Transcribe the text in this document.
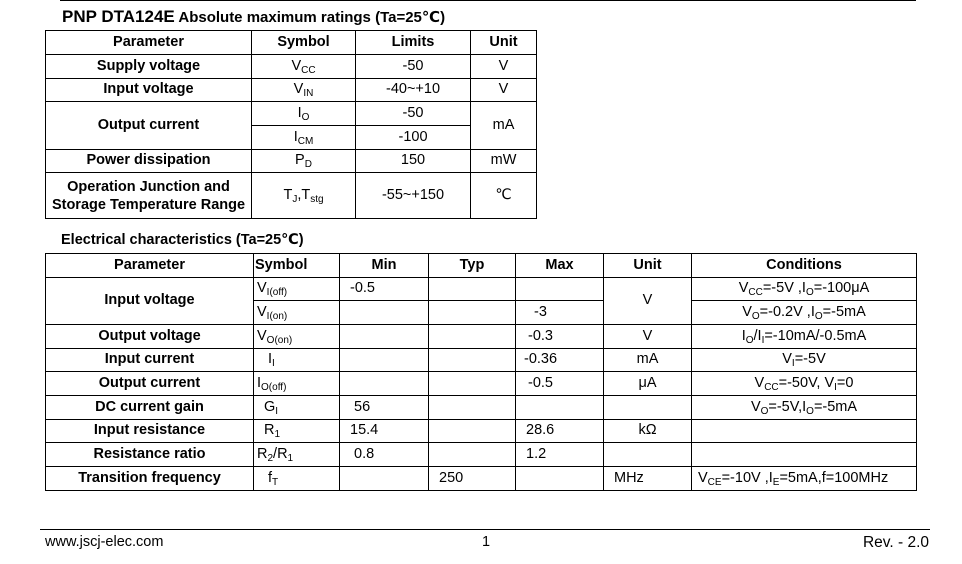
PNP DTA124E Absolute maximum ratings (Ta=25℃)
Parameter	Symbol	Limits	Unit
Supply voltage	$V_{CC}$	-50	V
Input voltage	$V_{IN}$	-40~+10	V
Output current	$I_O$	-50	mA
	$I_{CM}$	-100	
Power dissipation	$P_D$	150	mW
Operation Junction and
Storage Temperature Range	$T_J,T_{stg}$	-55~+150	℃
Electrical characteristics (Ta=25℃)
Parameter	Symbol	Min	Typ	Max	Unit	Conditions
Input voltage	$V_{I(off)}$	-0.5			V	$V_{CC}=-5V$ $,I_O=-100\mu A$
	$V_{I(on)}$			-3		$V_O=-0.2V$ $,I_O=-5mA$
Output voltage	$V_{O(on)}$			-0.3	V	$I_O/I_I=-10mA/-0.5mA$
Input current	$I_I$			-0.36	mA	$V_I=-5V$
Output current	$I_{O(off)}$			-0.5	μA	$V_{CC}=-50V$, $V_I=0$
DC current gain	$G_I$	56				$V_O=-5V,I_O=-5mA$
Input resistance	$R_1$	15.4		28.6	kΩ	
Resistance ratio	$R_2/R_1$	0.8		1.2		
Transition frequency	$f_T$		250		MHz	$V_{CE}=-10V$ $,I_E=5mA,f=100MHz$
www.jscj-elec.com	1	Rev. - 2.0
